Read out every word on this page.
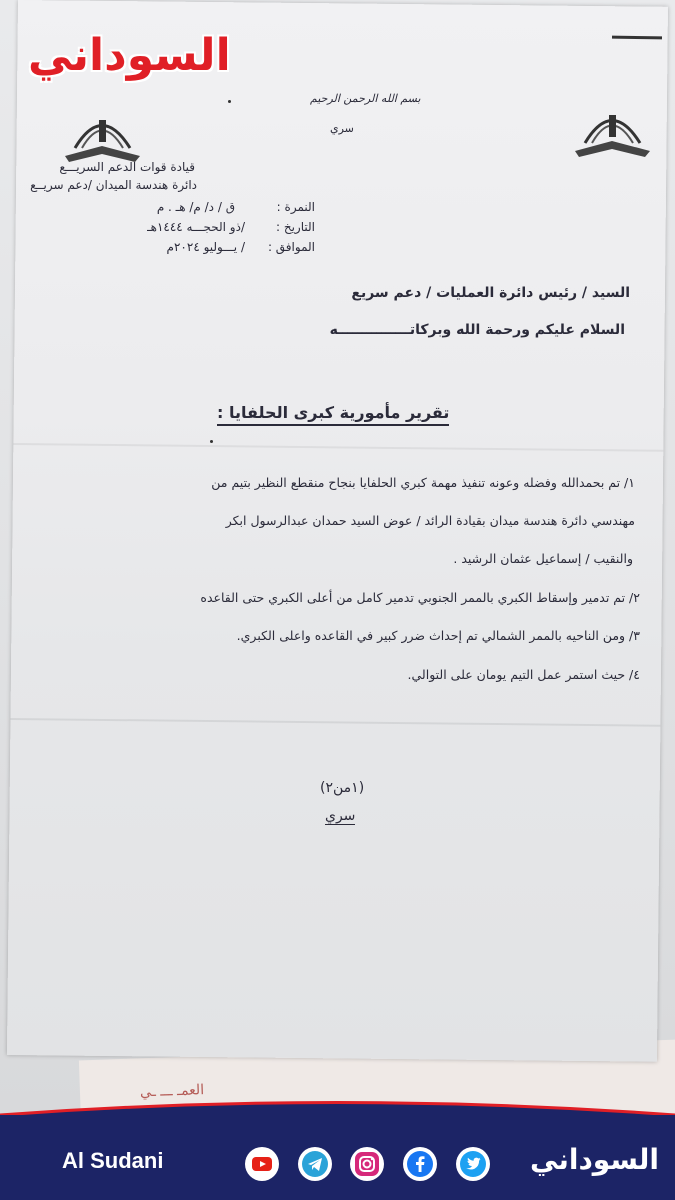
العمـ ـــ ـي
السوداني
بسم الله الرحمن الرحيم
سري
قيادة قوات الدعم السريـــع
دائرة هندسة الميدان /دعم سريــع
النمرة :
ق / د/ م/ هـ . م
التاريخ :
/ذو الحجـــه ١٤٤٤هـ
الموافق :
/ يـــوليو ٢٠٢٤م
السيد / رئيس دائرة العمليات / دعم سريع
السلام عليكم ورحمة الله وبركاتـــــــــــــــه
تقرير مأمورية كبرى الحلفايا :
١/ تم بحمدالله وفضله وعونه تنفيذ مهمة كبري الحلفايا بنجاح منقطع النظير بتيم من
مهندسي دائرة هندسة ميدان بقيادة الرائد / عوض السيد حمدان عبدالرسول ابكر
والنقيب / إسماعيل عثمان الرشيد .
٢/ تم تدمير وإسقاط الكبري بالممر الجنوبي تدمير كامل من أعلى الكبري حتى القاعده
٣/ ومن الناحيه بالممر الشمالي تم إحداث ضرر كبير في القاعده واعلى الكبري.
٤/ حيث استمر عمل التيم يومان على التوالي.
(١من٢)
سري
Al Sudani	السوداني
